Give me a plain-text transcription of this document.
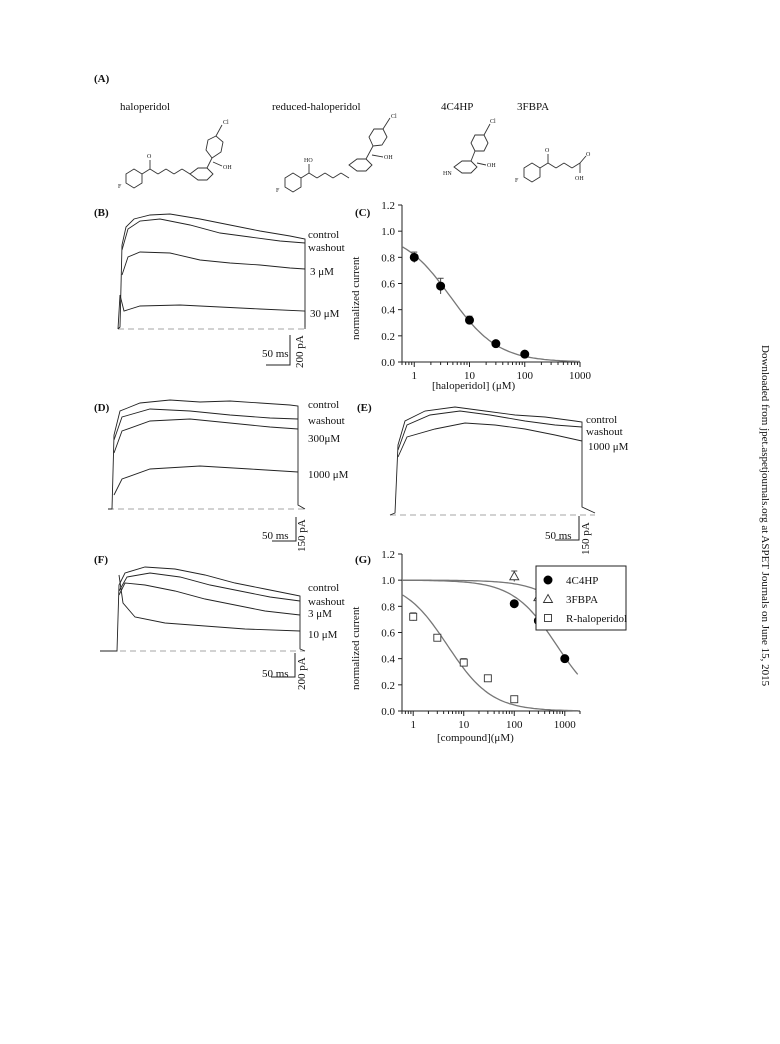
(A)
haloperidol	reduced-haloperidol	4C4HP	3FBPA
Cl
O
OH
F
Cl
HO	OH
F
Cl
HN
OH
O
O
OH
F
(B)
control
washout
3 μM
30 μM
50 ms 200 pA
(C)
0.0
0.2
0.4
0.6
0.8
1.0
1.2
1	10	100	1000
normalized current
[haloperidol] (μM)
(D)	control
washout
300μM
1000 μM
50 ms 150 pA
(E)
control
washout
1000 μM
50 ms 150 pA
(F)
control
washout
3 μM
10 μM
50 ms 200 pA
(G)
0.0
0.2
0.4
0.6
0.8
1.0
1.2
1	10	100	1000
4C4HP
3FBPA
R-haloperidol
normalized current
[compound](μM)
Downloaded from jpet.aspetjournals.org at ASPET Journals on June 15, 2015
